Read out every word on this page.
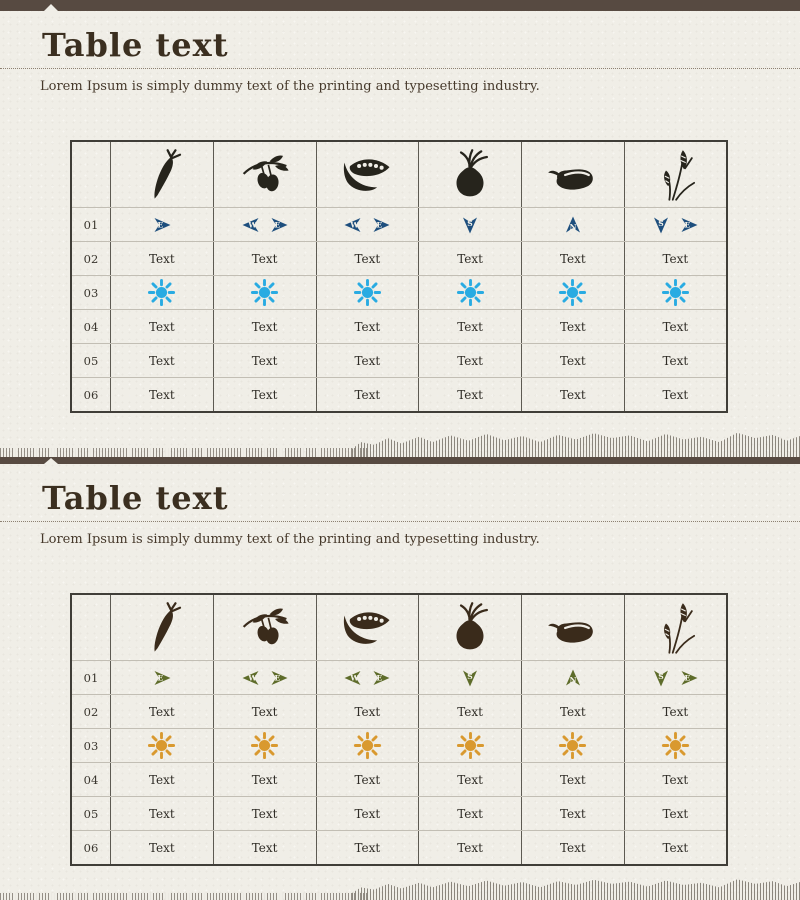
Table text

Lorem Ipsum is simply dummy text of the printing and typesetting industry.

01	E	W E	W E	S	N	S E

02	Text	Text	Text	Text	Text	Text
03						
04	Text	Text	Text	Text	Text	Text
05	Text	Text	Text	Text	Text	Text
06	Text	Text	Text	Text	Text	Text
Table text

Lorem Ipsum is simply dummy text of the printing and typesetting industry.

01	E	W E	W E	S	N	S E

02	Text	Text	Text	Text	Text	Text
03						
04	Text	Text	Text	Text	Text	Text
05	Text	Text	Text	Text	Text	Text
06	Text	Text	Text	Text	Text	Text
